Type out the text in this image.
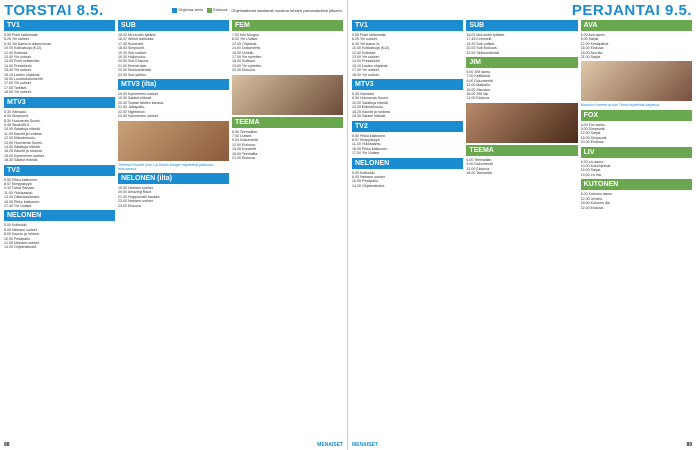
TORSTAI 8.5.	Ohjelma-arvio	Elokuva Ohjelmatiedot saattavat muuttua lehden painovalmiiksi jälkeen.
TV1
5.55 Pukit sattumalta.
6.25 Yle uutiset.
6.30 Yle Aamu-tv aamuvieras.
10.00 Kotikatsoja (K12).
12.40 Kotimaa.
13.00 Yle uutiset.
13.05 Puoli seitsemän.
14.00 Pressiklubi.
15.00 Yle uutiset.
15.10 Lasten ohjelmat.
16.00 Luontodokumentti.
17.00 Yle uutiset.
17.05 Tarkiset.
18.00 Yle uutiset.
MTV3
5.30 Xamsalo.
6.00 Simpsonit.
6.30 Huomenta Suomi.
9.45 Studio55.fi.
10.00 Salattuja elämiä.
11.00 Kauniit ja rohkeat.
12.00 Elämänkoulu.
13.00 Huomenta Suomi.
14.00 Salattuja elämiä.
16.25 Kauniit ja rohkeat.
18.00 Kymmenen uutiset.
18.30 Salatut elämät.
TV2
6.50 Pikku kakkonen.
8.57 Kimppakyyti.
9.32 Tuhat Sanaan.
11.00 Ykkösaamu.
13.20 Oikeusasiamies.
16.05 Pikku kakkonen.
17.00 Yle Uutiset.
NELONEN
5.00 Kotikokki.
6.00 Nelosen uutiset.
8.00 Kaunis ja rohkea.
10.00 Pesäpallo.
12.00 Nelosen uutiset.
14.00 Ohjelmatiedot.
SUB
16.02 McLeodin tyttäret.
16.47 Welsh Kalliossa.
17.45 Kummelit.
18.53 Simpsonit.
19.20 Sub uutiset.
19.30 Hulluruoho.
20.00 Sub Elokuva.
21.00 Emmerdale.
22.00 Sinkkuelämää.
23.00 Sub yöfilmi.
MTV3 (ilta)
19.00 Kymmenen uutiset.
19.30 Salatut elämät.
20.00 Tanssii tähtien kanssa.
21.00 Jalkapallo.
22.00 Nightshow.
23.00 Kymmenen uutiset.
Theresa Russell (vas.) ja Debra Winger näyttelivät pääosaa elokuvassa.
NELONEN (ilta)
19.00 Nelosen uutiset.
20.00 Amazing Race.
21.00 Huippumalli haussa.
22.00 Nelosen uutiset.
23.00 Elokuva.
FEM
7.00 Min Morgon.
8.00 Yle Uutiset.
12.05 Ohjelmat.
14.00 Dokumentti.
16.00 Urheilu.
17.00 Yle nyhetter.
18.00 Kulttuuri.
19.00 Yle nyhetter.
20.00 Elokuva.
TEEMA
6.00 Teemaillan.
7.00 Uutiset.
9.00 Dokumentti.
12.00 Elokuva.
15.00 Konsertti.
18.00 Teemailta.
21.00 Elokuva.
88	MENAISET
PERJANTAI 9.5.
TV1
5.55 Pukit sattumalta.
6.25 Yle uutiset.
6.30 Yle Aamu-tv.
10.00 Kotikatsoja (K12).
12.40 Kotimaa.
13.00 Yle uutiset.
14.00 Pressiklubi.
15.10 Lasten ohjelmat.
17.00 Yle uutiset.
18.00 Yle uutiset.
MTV3
5.30 Xamsalo.
6.30 Huomenta Suomi.
10.00 Salattuja elämiä.
12.00 Elämänkoulu.
16.25 Kauniit ja rohkeat.
18.30 Salatut elämät.
TV2
6.50 Pikku kakkonen.
8.57 Kimppakyyti.
11.00 Ykkösaamu.
16.05 Pikku kakkonen.
17.00 Yle Uutiset.
NELONEN
5.00 Kotikokki.
6.00 Nelosen uutiset.
10.00 Pesäpallo.
14.00 Ohjelmatiedot.
SUB
16.02 McLeodin tyttäret.
17.45 Kummelit.
19.20 Sub uutiset.
20.00 Sub Elokuva.
22.00 Sinkkuelämää.
JIM
5.00 JIM aamu.
7.00 Keittiössä.
9.00 Dokumentti.
12.00 Matkailu.
15.00 Sisustus.
18.00 JIM ilta.
21.00 Elokuva.
TEEMA
6.00 Teemaillan.
9.00 Dokumentti.
12.00 Elokuva.
18.00 Teemailta.
AVA
6.00 Ava aamu.
8.00 Sarjat.
12.00 Keskipäivä.
15.00 Elokuva.
18.00 Ava ilta.
21.00 Sarjat.
Massiivi Kroeeta ja Isla Tihoa näyttelivät sarjassa.
FOX
6.00 Fox aamu.
9.00 Simpsonit.
12.00 Sarjat.
16.00 Simpsonit.
20.00 Elokuva.
LIV
6.00 Liv aamu.
10.00 Kotiohjelmat.
15.00 Sarjat.
19.00 Liv ilta.
KUTONEN
6.00 Kutonen aamu.
12.00 Urheilu.
18.00 Kutonen ilta.
22.00 Elokuva.
MENAISET	89
